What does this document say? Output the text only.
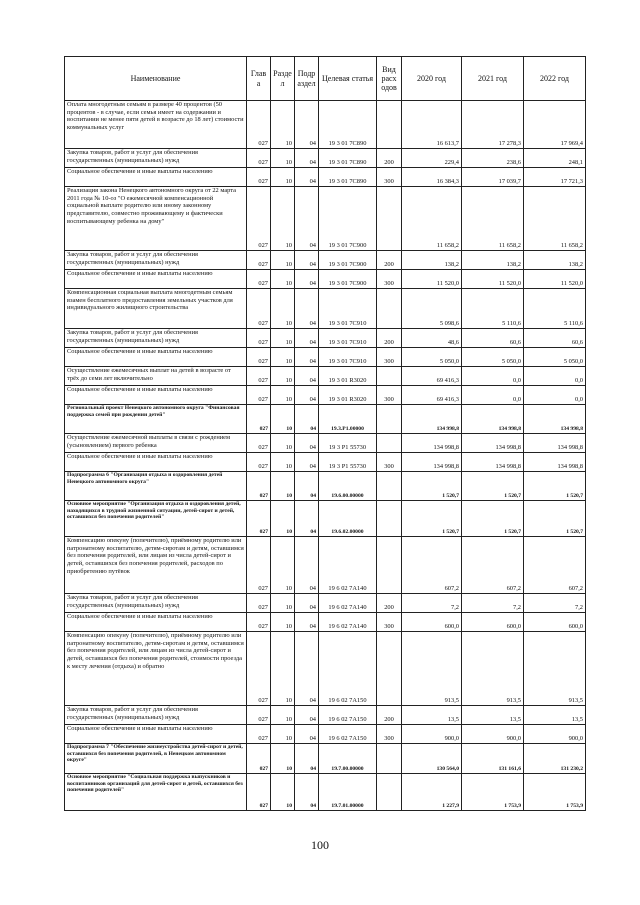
Наименование	Глав а	Разде л	Подр аздел	Целевая статья	Вид расх одов	2020 год	2021 год	2022 год
Оплата многодетным семьям в размере 40 процентов (50 процентов - в случае, если семья имеет на содержании и воспитании не менее пяти детей в возрасте до 18 лет) стоимости коммунальных услуг	027	10	04	19 3 01 7С890		16 613,7	17 278,3	17 969,4
Закупка товаров, работ и услуг для обеспечения государственных (муниципальных) нужд	027	10	04	19 3 01 7С890	200	229,4	238,6	248,1
Социальное обеспечение и иные выплаты населению	027	10	04	19 3 01 7С890	300	16 384,3	17 039,7	17 721,3
Реализация закона Ненецкого автономного округа от 22 марта 2011 года № 10-оз "О ежемесячной компенсационной социальной выплате родителю или иному законному представителю, совместно проживающему и фактически воспитывающему ребенка на дому"	027	10	04	19 3 01 7С900		11 658,2	11 658,2	11 658,2
Закупка товаров, работ и услуг для обеспечения государственных (муниципальных) нужд	027	10	04	19 3 01 7С900	200	138,2	138,2	138,2
Социальное обеспечение и иные выплаты населению	027	10	04	19 3 01 7С900	300	11 520,0	11 520,0	11 520,0
Компенсационная социальная выплата многодетным семьям взамен бесплатного предоставления земельных участков для индивидуального жилищного строительства	027	10	04	19 3 01 7С910		5 098,6	5 110,6	5 110,6
Закупка товаров, работ и услуг для обеспечения государственных (муниципальных) нужд	027	10	04	19 3 01 7С910	200	48,6	60,6	60,6
Социальное обеспечение и иные выплаты населению	027	10	04	19 3 01 7С910	300	5 050,0	5 050,0	5 050,0
Осуществление ежемесячных выплат на детей в возрасте от трёх до семи лет включительно	027	10	04	19 3 01 R3020		69 416,3	0,0	0,0
Социальное обеспечение и иные выплаты населению	027	10	04	19 3 01 R3020	300	69 416,3	0,0	0,0
Региональный проект Ненецкого автономного округа "Финансовая поддержка семей при рождении детей"	027	10	04	19.3.Р1.00000		134 998,8	134 998,8	134 998,8
Осуществление ежемесячной выплаты в связи с рождением (усыновлением) первого ребенка	027	10	04	19 3 Р1 55730		134 998,8	134 998,8	134 998,8
Социальное обеспечение и иные выплаты населению	027	10	04	19 3 Р1 55730	300	134 998,8	134 998,8	134 998,8
Подпрограмма 6 "Организация отдыха и оздоровления детей Ненецкого автономного округа"	027	10	04	19.6.00.00000		1 520,7	1 520,7	1 520,7
Основное мероприятие "Организация отдыха и оздоровления детей, находящихся в трудной жизненной ситуации, детей-сирот и детей, оставшихся без попечения родителей"	027	10	04	19.6.02.00000		1 520,7	1 520,7	1 520,7
Компенсацию опекуну (попечителю), приёмному родителю или патронатному воспитателю, детям-сиротам и детям, оставшимся без попечения родителей, или лицам из числа детей-сирот и детей, оставшихся без попечения родителей, расходов по приобретению путёвок	027	10	04	19 6 02 7А140		607,2	607,2	607,2
Закупка товаров, работ и услуг для обеспечения государственных (муниципальных) нужд	027	10	04	19 6 02 7А140	200	7,2	7,2	7,2
Социальное обеспечение и иные выплаты населению	027	10	04	19 6 02 7А140	300	600,0	600,0	600,0
Компенсацию опекуну (попечителю), приёмному родителю или патронатному воспитателю, детям-сиротам и детям, оставшимся без попечения родителей, или лицам из числа детей-сирот и детей, оставшихся без попечения родителей, стоимости проезда к месту лечения (отдыха) и обратно	027	10	04	19 6 02 7А150		913,5	913,5	913,5
Закупка товаров, работ и услуг для обеспечения государственных (муниципальных) нужд	027	10	04	19 6 02 7А150	200	13,5	13,5	13,5
Социальное обеспечение и иные выплаты населению	027	10	04	19 6 02 7А150	300	900,0	900,0	900,0
Подпрограмма 7 "Обеспечение жизнеустройства детей-сирот и детей, оставшихся без попечения родителей, в Ненецком автономном округе"	027	10	04	19.7.00.00000		130 564,0	131 161,6	131 230,2
Основное мероприятие "Социальная поддержка выпускников и воспитанников организаций для детей-сирот и детей, оставшихся без попечения родителей"	027	10	04	19.7.01.00000		1 227,9	1 753,9	1 753,9
100
